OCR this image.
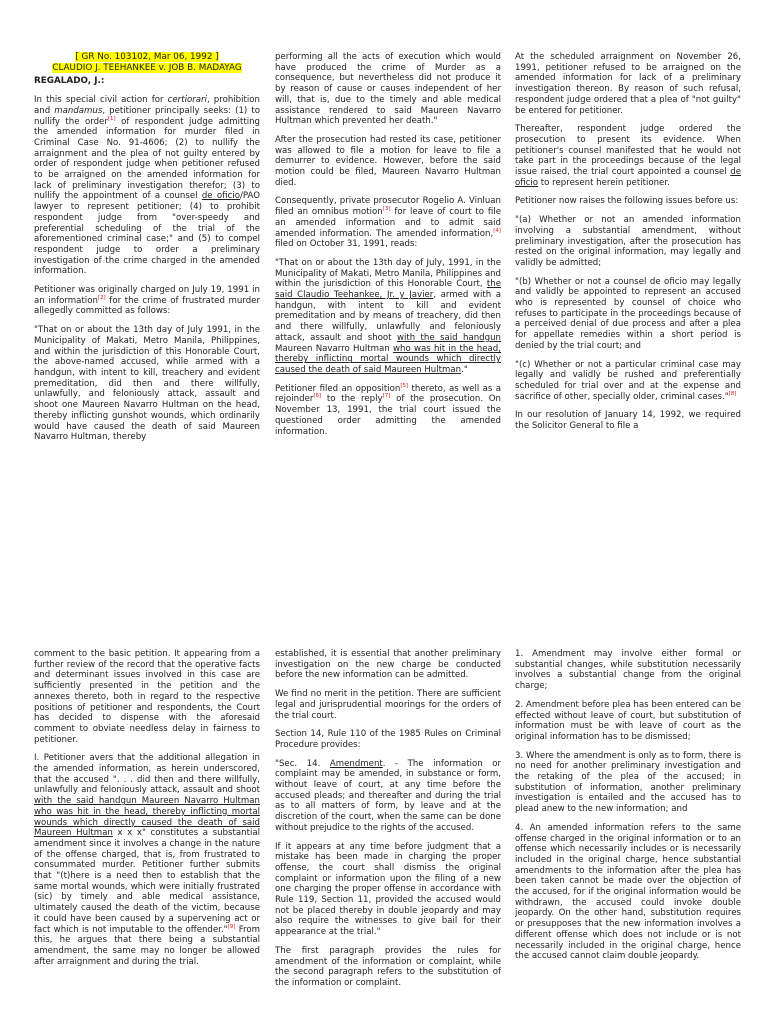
[ GR No. 103102, Mar 06, 1992 ]
CLAUDIO J. TEEHANKEE v. JOB B. MADAYAG
REGALADO, J.:

In this special civil action for certiorari, prohibition and mandamus, petitioner principally seeks: (1) to nullify the order[1] of respondent judge admitting the amended information for murder filed in Criminal Case No. 91-4606; (2) to nullify the arraignment and the plea of not guilty entered by order of respondent judge when petitioner refused to be arraigned on the amended information for lack of preliminary investigation therefor; (3) to nullify the appointment of a counsel de oficio/PAO lawyer to represent petitioner; (4) to prohibit respondent judge from "over-speedy and preferential scheduling of the trial of the aforementioned criminal case;" and (5) to compel respondent judge to order a preliminary investigation of the crime charged in the amended information.

Petitioner was originally charged on July 19, 1991 in an information[2] for the crime of frustrated murder allegedly committed as follows:

"That on or about the 13th day of July 1991, in the Municipality of Makati, Metro Manila, Philippines, and within the jurisdiction of this Honorable Court, the above-named accused, while armed with a handgun, with intent to kill, treachery and evident premeditation, did then and there willfully, unlawfully, and feloniously attack, assault and shoot one Maureen Navarro Hultman on the head, thereby inflicting gunshot wounds, which ordinarily would have caused the death of said Maureen Navarro Hultman, thereby

performing all the acts of execution which would have produced the crime of Murder as a consequence, but nevertheless did not produce it by reason of cause or causes independent of her will, that is, due to the timely and able medical assistance rendered to said Maureen Navarro Hultman which prevented her death."

After the prosecution had rested its case, petitioner was allowed to file a motion for leave to file a demurrer to evidence. However, before the said motion could be filed, Maureen Navarro Hultman died.

Consequently, private prosecutor Rogelio A. Vinluan filed an omnibus motion[3] for leave of court to file an amended information and to admit said amended information. The amended information,[4] filed on October 31, 1991, reads:

"That on or about the 13th day of July, 1991, in the Municipality of Makati, Metro Manila, Philippines and within the jurisdiction of this Honorable Court, the said Claudio Teehankee, Jr. y Javier, armed with a handgun, with intent to kill and evident premeditation and by means of treachery, did then and there willfully, unlawfully and feloniously attack, assault and shoot with the said handgun Maureen Navarro Hultman who was hit in the head, thereby inflicting mortal wounds which directly caused the death of said Maureen Hultman."

Petitioner filed an opposition[5] thereto, as well as a rejoinder[6] to the reply[7] of the prosecution. On November 13, 1991, the trial court issued the questioned order admitting the amended information.

At the scheduled arraignment on November 26, 1991, petitioner refused to be arraigned on the amended information for lack of a preliminary investigation thereon. By reason of such refusal, respondent judge ordered that a plea of "not guilty" be entered for petitioner.

Thereafter, respondent judge ordered the prosecution to present its evidence. When petitioner's counsel manifested that he would not take part in the proceedings because of the legal issue raised, the trial court appointed a counsel de oficio to represent herein petitioner.

Petitioner now raises the following issues before us:

"(a) Whether or not an amended information involving a substantial amendment, without preliminary investigation, after the prosecution has rested on the original information, may legally and validly be admitted;

"(b) Whether or not a counsel de oficio may legally and validly be appointed to represent an accused who is represented by counsel of choice who refuses to participate in the proceedings because of a perceived denial of due process and after a plea for appellate remedies within a short period is denied by the trial court; and

"(c) Whether or not a particular criminal case may legally and validly be rushed and preferentially scheduled for trial over and at the expense and sacrifice of other, specially older, criminal cases."[8]

In our resolution of January 14, 1992, we required the Solicitor General to file a

comment to the basic petition. It appearing from a further review of the record that the operative facts and determinant issues involved in this case are sufficiently presented in the petition and the annexes thereto, both in regard to the respective positions of petitioner and respondents, the Court has decided to dispense with the aforesaid comment to obviate needless delay in fairness to petitioner.

I. Petitioner avers that the additional allegation in the amended information, as herein underscored, that the accused ". . . did then and there willfully, unlawfully and feloniously attack, assault and shoot with the said handgun Maureen Navarro Hultman who was hit in the head, thereby inflicting mortal wounds which directly caused the death of said Maureen Hultman x x x" constitutes a substantial amendment since it involves a change in the nature of the offense charged, that is, from frustrated to consummated murder. Petitioner further submits that "(t)here is a need then to establish that the same mortal wounds, which were initially frustrated (sic) by timely and able medical assistance, ultimately caused the death of the victim, because it could have been caused by a supervening act or fact which is not imputable to the offender."[9] From this, he argues that there being a substantial amendment, the same may no longer be allowed after arraignment and during the trial.

established, it is essential that another preliminary investigation on the new charge be conducted before the new information can be admitted.

We find no merit in the petition. There are sufficient legal and jurisprudential moorings for the orders of the trial court.

Section 14, Rule 110 of the 1985 Rules on Criminal Procedure provides:

"Sec. 14. Amendment. - The information or complaint may be amended, in substance or form, without leave of court, at any time before the accused pleads; and thereafter and during the trial as to all matters of form, by leave and at the discretion of the court, when the same can be done without prejudice to the rights of the accused.

If it appears at any time before judgment that a mistake has been made in charging the proper offense, the court shall dismiss the original complaint or information upon the filing of a new one charging the proper offense in accordance with Rule 119, Section 11, provided the accused would not be placed thereby in double jeopardy and may also require the witnesses to give bail for their appearance at the trial."

The first paragraph provides the rules for amendment of the information or complaint, while the second paragraph refers to the substitution of the information or complaint.

1. Amendment may involve either formal or substantial changes, while substitution necessarily involves a substantial change from the original charge;

2. Amendment before plea has been entered can be effected without leave of court, but substitution of information must be with leave of court as the original information has to be dismissed;

3. Where the amendment is only as to form, there is no need for another preliminary investigation and the retaking of the plea of the accused; in substitution of information, another preliminary investigation is entailed and the accused has to plead anew to the new information; and

4. An amended information refers to the same offense charged in the original information or to an offense which necessarily includes or is necessarily included in the original charge, hence substantial amendments to the information after the plea has been taken cannot be made over the objection of the accused, for if the original information would be withdrawn, the accused could invoke double jeopardy. On the other hand, substitution requires or presupposes that the new information involves a different offense which does not include or is not necessarily included in the original charge, hence the accused cannot claim double jeopardy.
